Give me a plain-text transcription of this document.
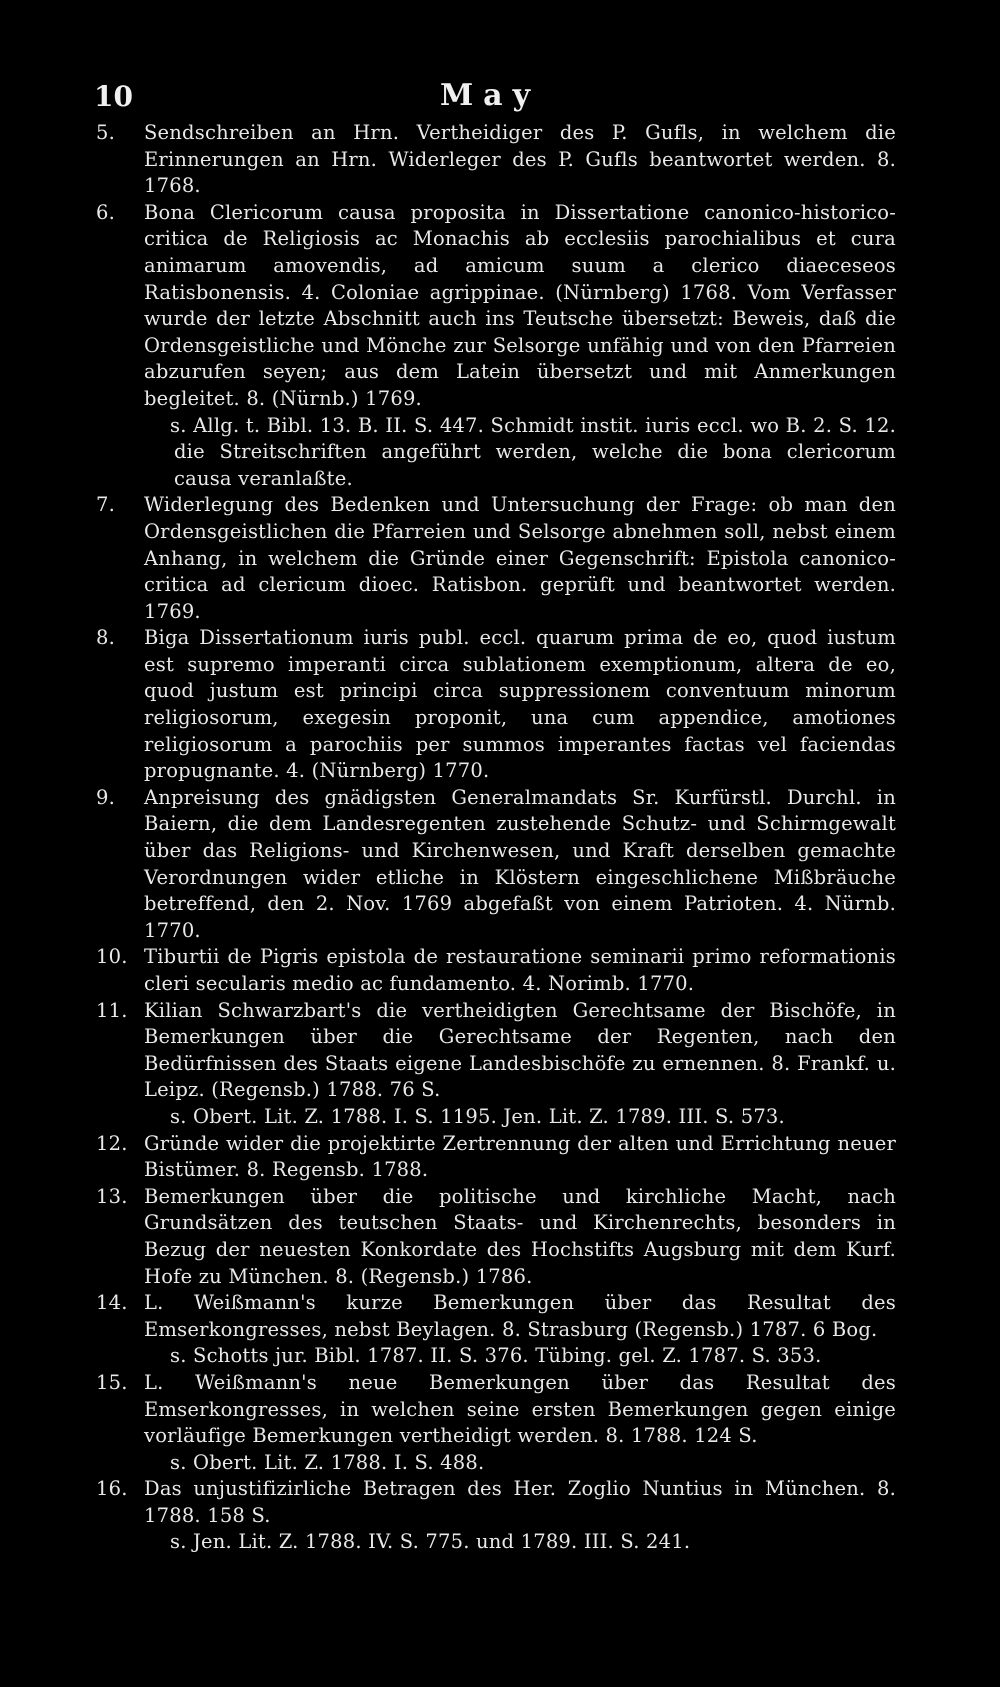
10	May
5.	Sendschreiben an Hrn. Vertheidiger des P. Gufls, in welchem die Erinnerungen an Hrn. Widerleger des P. Gufls beantwortet werden. 8. 1768.
6.	Bona Clericorum causa proposita in Dissertatione canonico-historico-critica de Religiosis ac Monachis ab ecclesiis parochialibus et cura animarum amovendis, ad amicum suum a clerico diaeceseos Ratisbonensis. 4. Coloniae agrippinae. (Nürnberg) 1768. Vom Verfasser wurde der letzte Abschnitt auch ins Teutsche übersetzt: Beweis, daß die Ordensgeistliche und Mönche zur Selsorge unfähig und von den Pfarreien abzurufen seyen; aus dem Latein übersetzt und mit Anmerkungen begleitet. 8. (Nürnb.) 1769.
s. Allg. t. Bibl. 13. B. II. S. 447. Schmidt instit. iuris eccl. wo B. 2. S. 12. die Streitschriften angeführt werden, welche die bona clericorum causa veranlaßte.
7.	Widerlegung des Bedenken und Untersuchung der Frage: ob man den Ordensgeistlichen die Pfarreien und Selsorge abnehmen soll, nebst einem Anhang, in welchem die Gründe einer Gegenschrift: Epistola canonico-critica ad clericum dioec. Ratisbon. geprüft und beantwortet werden. 1769.
8.	Biga Dissertationum iuris publ. eccl. quarum prima de eo, quod iustum est supremo imperanti circa sublationem exemptionum, altera de eo, quod justum est principi circa suppressionem conventuum minorum religiosorum, exegesin proponit, una cum appendice, amotiones religiosorum a parochiis per summos imperantes factas vel faciendas propugnante. 4. (Nürnberg) 1770.
9.	Anpreisung des gnädigsten Generalmandats Sr. Kurfürstl. Durchl. in Baiern, die dem Landesregenten zustehende Schutz- und Schirmgewalt über das Religions- und Kirchenwesen, und Kraft derselben gemachte Verordnungen wider etliche in Klöstern eingeschlichene Mißbräuche betreffend, den 2. Nov. 1769 abgefaßt von einem Patrioten. 4. Nürnb. 1770.
10. Tiburtii de Pigris epistola de restauratione seminarii primo reformationis cleri secularis medio ac fundamento. 4. Norimb. 1770.
11. Kilian Schwarzbart's die vertheidigten Gerechtsame der Bischöfe, in Bemerkungen über die Gerechtsame der Regenten, nach den Bedürfnissen des Staats eigene Landesbischöfe zu ernennen. 8. Frankf. u. Leipz. (Regensb.) 1788. 76 S.
s. Obert. Lit. Z. 1788. I. S. 1195. Jen. Lit. Z. 1789. III. S. 573.
12. Gründe wider die projektirte Zertrennung der alten und Errichtung neuer Bistümer. 8. Regensb. 1788.
13. Bemerkungen über die politische und kirchliche Macht, nach Grundsätzen des teutschen Staats- und Kirchenrechts, besonders in Bezug der neuesten Konkordate des Hochstifts Augsburg mit dem Kurf. Hofe zu München. 8. (Regensb.) 1786.
14. L. Weißmann's kurze Bemerkungen über das Resultat des Emserkongresses, nebst Beylagen. 8. Strasburg (Regensb.) 1787. 6 Bog.
s. Schotts jur. Bibl. 1787. II. S. 376. Tübing. gel. Z. 1787. S. 353.
15. L. Weißmann's neue Bemerkungen über das Resultat des Emserkongresses, in welchen seine ersten Bemerkungen gegen einige vorläufige Bemerkungen vertheidigt werden. 8. 1788. 124 S.
s. Obert. Lit. Z. 1788. I. S. 488.
16. Das unjustifizirliche Betragen des Her. Zoglio Nuntius in München. 8. 1788. 158 S.
s. Jen. Lit. Z. 1788. IV. S. 775. und 1789. III. S. 241.
